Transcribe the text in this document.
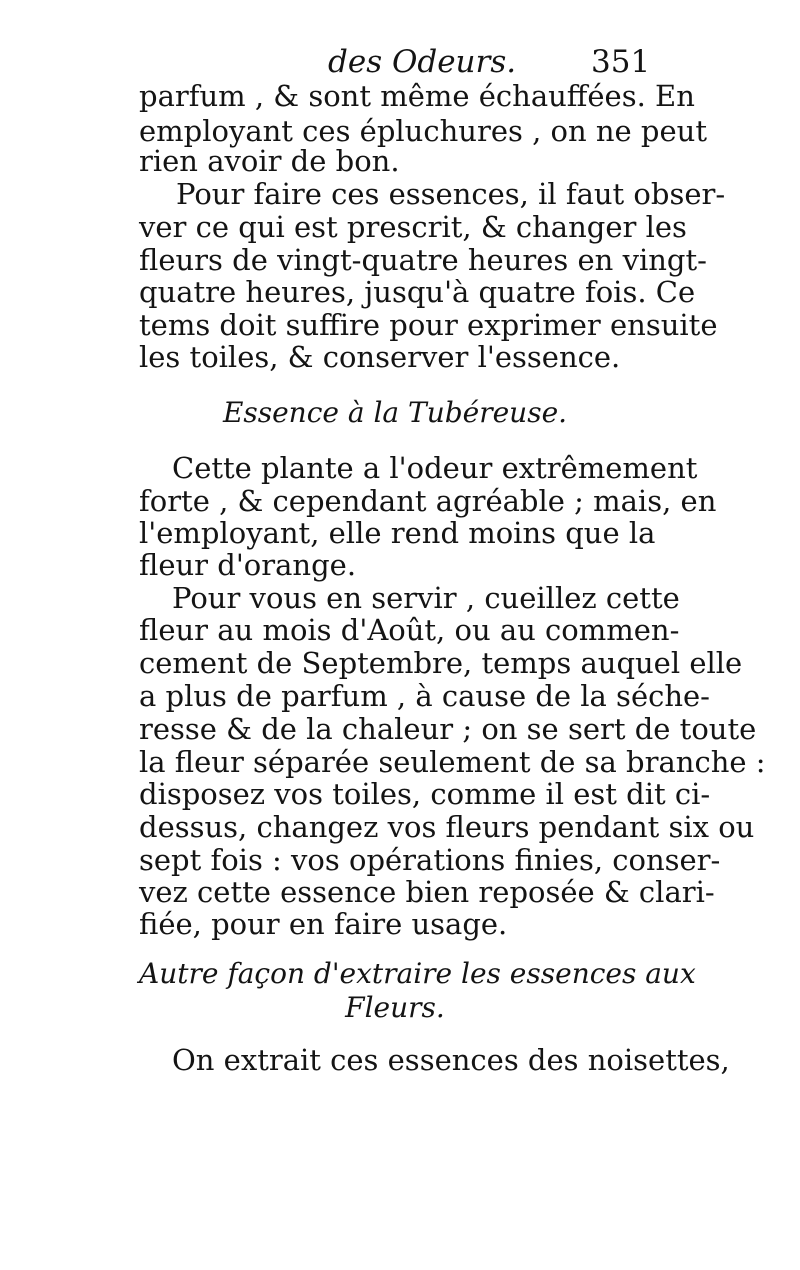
des Odeurs. 351
parfum , & sont même échauffées. En
employant ces épluchures , on ne peut
rien avoir de bon.
Pour faire ces essences, il faut obser-
ver ce qui est prescrit, & changer les
fleurs de vingt-quatre heures en vingt-
quatre heures, jusqu'à quatre fois. Ce
tems doit suffire pour exprimer ensuite
les toiles, & conserver l'essence.
Essence à la Tubéreuse.
Cette plante a l'odeur extrêmement
forte , & cependant agréable ; mais, en
l'employant, elle rend moins que la
fleur d'orange.
Pour vous en servir , cueillez cette
fleur au mois d'Août, ou au commen-
cement de Septembre, temps auquel elle
a plus de parfum , à cause de la séche-
resse & de la chaleur ; on se sert de toute
la fleur séparée seulement de sa branche :
disposez vos toiles, comme il est dit ci-
dessus, changez vos fleurs pendant six ou
sept fois : vos opérations finies, conser-
vez cette essence bien reposée & clari-
fiée, pour en faire usage.
Autre façon d'extraire les essences aux
Fleurs.
On extrait ces essences des noisettes,
